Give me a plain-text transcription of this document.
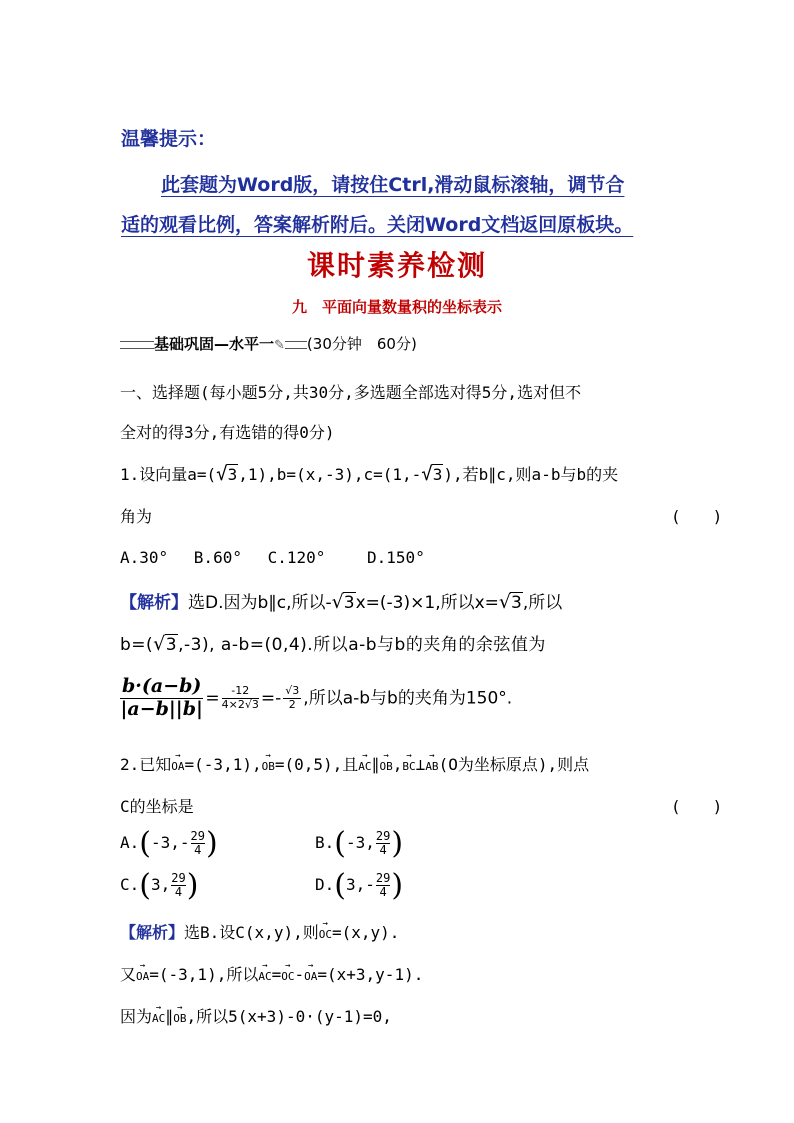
温馨提示：
此套题为Word版，请按住Ctrl,滑动鼠标滚轴，调节合
适的观看比例，答案解析附后。关闭Word文档返回原板块。
课时素养检测
九　平面向量数量积的坐标表示
基础巩固—水平一✎ (30分钟　60分)
一、选择题(每小题5分,共30分,多选题全部选对得5分,选对但不
全对的得3分,有选错的得0分)
1.设向量a=(√3,1),b=(x,-3),c=(1,-√3),若b∥c,则a-b与b的夹
角为	(　　)
A.30°　 B.60°　 C.120°　　 D.150°
【解析】选D.因为b∥c,所以-√3x=(-3)×1,所以x=√3,所以
b=(√3,-3), a-b=(0,4).所以a-b与b的夹角的余弦值为
$\frac{b\cdot(a-b)}{|a-b||b|} = \frac{-12}{4\times 2√3} =- \frac{√3}{2}$ ,所以a-b与b的夹角为150°.
2.已知→ OA=(-3,1),→ OB=(0,5),且→ AC∥→ OB,→ BC⊥→ AB(O为坐标原点),则点
C的坐标是	(　　)
$A.(-3,- \frac{29}{4}$ )	B.(-3, $\frac{29}{4}$ )
C.(3, $\frac{29}{4}$ )	$D.(3,- \frac{29}{4}$ )
【解析】选B.设C(x,y),则→ OC=(x,y).
又→ OA=(-3,1),所以→ AC=→ OC-→ OA=(x+3,y-1).
因为→ AC∥→ OB,所以5(x+3)-0·(y-1)=0,
